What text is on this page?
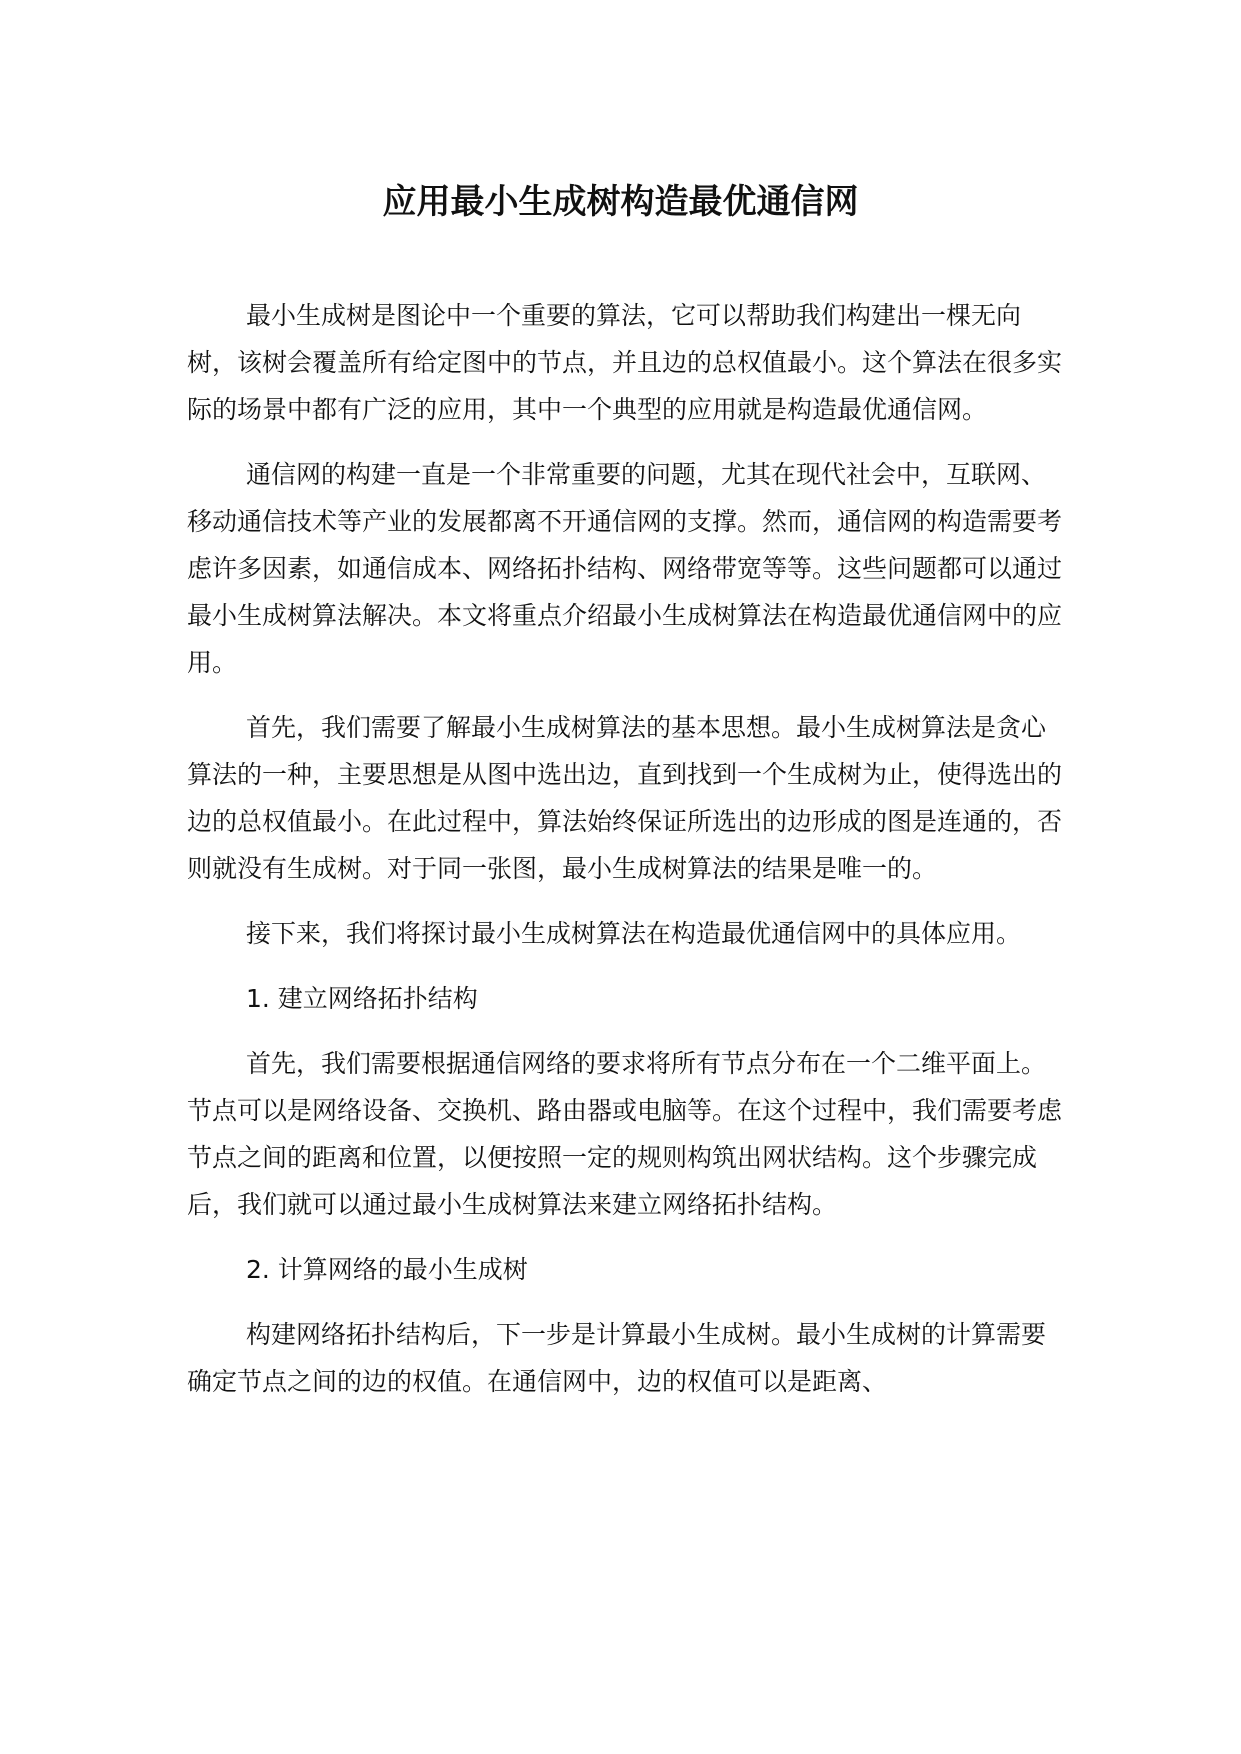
应用最小生成树构造最优通信网

最小生成树是图论中一个重要的算法，它可以帮助我们构建出一棵无向树，该树会覆盖所有给定图中的节点，并且边的总权值最小。这个算法在很多实际的场景中都有广泛的应用，其中一个典型的应用就是构造最优通信网。

通信网的构建一直是一个非常重要的问题，尤其在现代社会中，互联网、移动通信技术等产业的发展都离不开通信网的支撑。然而，通信网的构造需要考虑许多因素，如通信成本、网络拓扑结构、网络带宽等等。这些问题都可以通过最小生成树算法解决。本文将重点介绍最小生成树算法在构造最优通信网中的应用。

首先，我们需要了解最小生成树算法的基本思想。最小生成树算法是贪心算法的一种，主要思想是从图中选出边，直到找到一个生成树为止，使得选出的边的总权值最小。在此过程中，算法始终保证所选出的边形成的图是连通的，否则就没有生成树。对于同一张图，最小生成树算法的结果是唯一的。

接下来，我们将探讨最小生成树算法在构造最优通信网中的具体应用。

1. 建立网络拓扑结构

首先，我们需要根据通信网络的要求将所有节点分布在一个二维平面上。节点可以是网络设备、交换机、路由器或电脑等。在这个过程中，我们需要考虑节点之间的距离和位置，以便按照一定的规则构筑出网状结构。这个步骤完成后，我们就可以通过最小生成树算法来建立网络拓扑结构。

2. 计算网络的最小生成树

构建网络拓扑结构后，下一步是计算最小生成树。最小生成树的计算需要确定节点之间的边的权值。在通信网中，边的权值可以是距离、
